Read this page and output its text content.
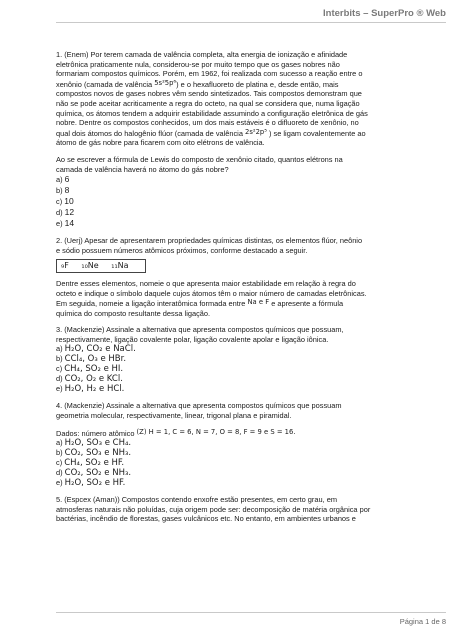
Interbits – SuperPro ® Web

1. (Enem) Por terem camada de valência completa, alta energia de ionização e afinidade

eletrônica praticamente nula, considerou-se por muito tempo que os gases nobres não

formariam compostos químicos. Porém, em 1962, foi realizada com sucesso a reação entre o

xenônio (camada de valência 5s²5p⁶) e o hexafluoreto de platina e, desde então, mais

compostos novos de gases nobres vêm sendo sintetizados. Tais compostos demonstram que

não se pode aceitar acriticamente a regra do octeto, na qual se considera que, numa ligação

química, os átomos tendem a adquirir estabilidade assumindo a configuração eletrônica de gás

nobre. Dentre os compostos conhecidos, um dos mais estáveis é o difluoreto de xenônio, no

qual dois átomos do halogênio flúor (camada de valência 2s²2p⁵ ) se ligam covalentemente ao

átomo de gás nobre para ficarem com oito elétrons de valência.

Ao se escrever a fórmula de Lewis do composto de xenônio citado, quantos elétrons na

camada de valência haverá no átomo do gás nobre?

a) 6

b) 8

c) 10

d) 12

e) 14

2. (Uerj) Apesar de apresentarem propriedades químicas distintas, os elementos flúor, neônio

e sódio possuem números atômicos próximos, conforme destacado a seguir.

₉F ₁₀Ne ₁₁Na

Dentre esses elementos, nomeie o que apresenta maior estabilidade em relação à regra do

octeto e indique o símbolo daquele cujos átomos têm o maior número de camadas eletrônicas.

Em seguida, nomeie a ligação interatômica formada entre Na e F e apresente a fórmula

química do composto resultante dessa ligação.

3. (Mackenzie) Assinale a alternativa que apresenta compostos químicos que possuam,

respectivamente, ligação covalente polar, ligação covalente apolar e ligação iônica.

a) H₂O, CO₂ e NaCl.

b) CCl₄, O₃ e HBr.

c) CH₄, SO₂ e HI.

d) CO₂, O₂ e KCl.

e) H₂O, H₂ e HCl.

4. (Mackenzie) Assinale a alternativa que apresenta compostos químicos que possuam

geometria molecular, respectivamente, linear, trigonal plana e piramidal.

Dados: número atômico (Z) H = 1, C = 6, N = 7, O = 8, F = 9 e S = 16.

a) H₂O, SO₃ e CH₄.

b) CO₂, SO₃ e NH₃.

c) CH₄, SO₂ e HF.

d) CO₂, SO₂ e NH₃.

e) H₂O, SO₂ e HF.

5. (Espcex (Aman)) Compostos contendo enxofre estão presentes, em certo grau, em

atmosferas naturais não poluídas, cuja origem pode ser: decomposição de matéria orgânica por

bactérias, incêndio de florestas, gases vulcânicos etc. No entanto, em ambientes urbanos e

Página 1 de 8
